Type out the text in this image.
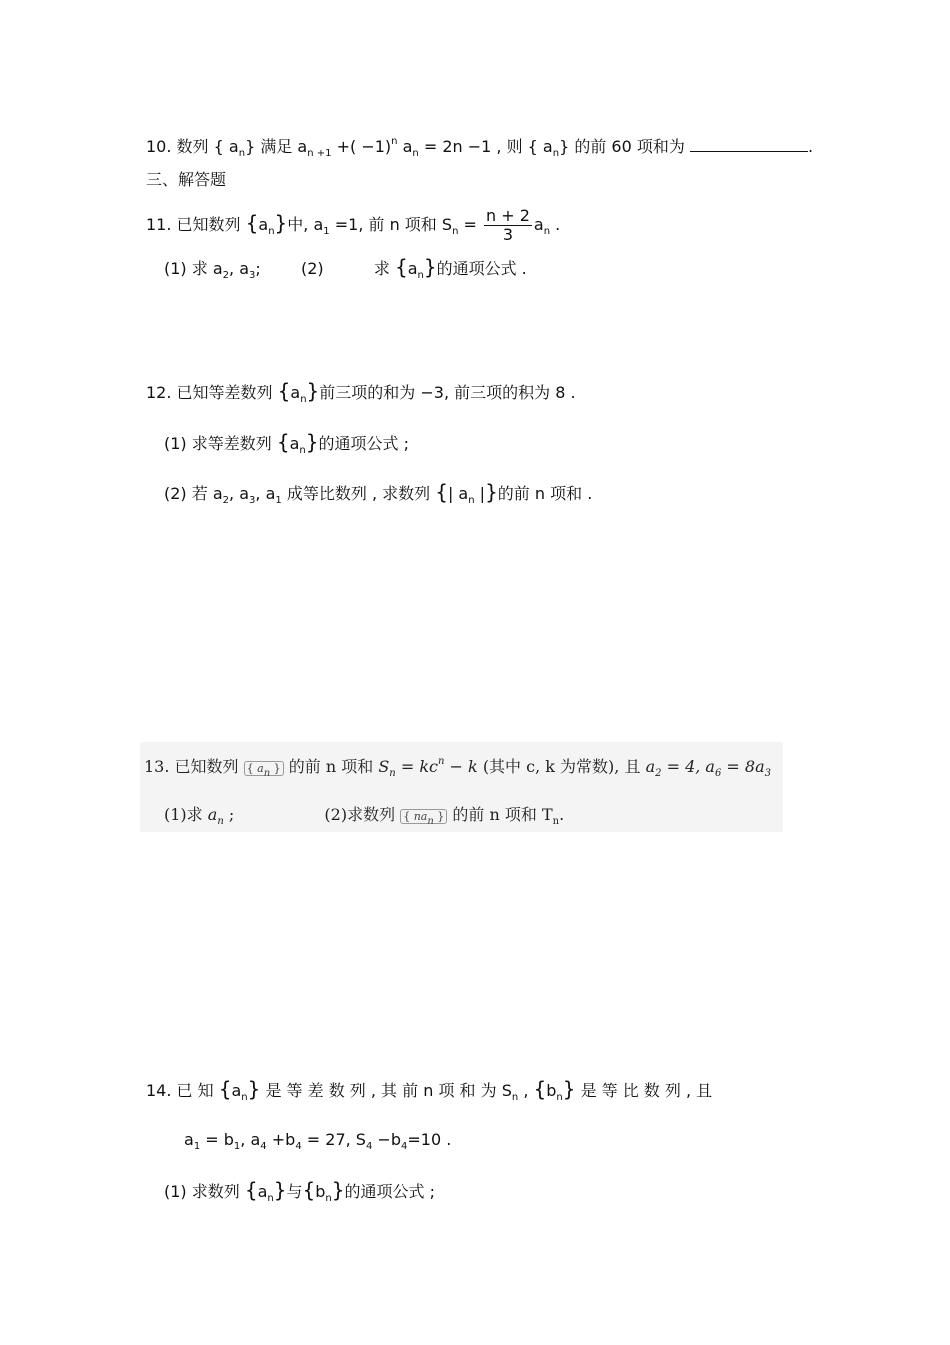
10. 数列 { $a_n$} 满足 $a_{n +1}$ +( −1)$^n$ $a_n = 2n -1$ , 则 { $a_n$} 的前 60 项和为	.
三、解答题
11. 已知数列 $\{a_n\}$中, $a_1 =1$, 前 n 项和 $S_n = \frac{n + 2}{3} a_n$ .
(1) 求 $a_2$, $a_3$;	(2)	求 $\{a_n\}$的通项公式 .
12. 已知等差数列 $\{a_n\}$前三项的和为 −3, 前三项的积为 8 .
(1) 求等差数列 $\{a_n\}$的通项公式 ;
(2) 若 $a_2$, $a_3$, $a_1$ 成等比数列 , 求数列 {| $a_n$ |}的前 n 项和 .
13. 已知数列 { an } 的前 n 项和 $S_n = kc^n - k$ (其中 c, k 为常数), 且 $a_2 = 4$, $a_6 = 8a_3$
(1)求 $a_n$ ;	(2)求数列 { nan } 的前 n 项和 $T_n$.
14. 已 知 $\{a_n\}$ 是 等 差 数 列 , 其 前 n 项 和 为 $S_n$ , $\{b_n\}$ 是 等 比 数 列 , 且
$a_1 = b_1$, $a_4 +b_4 = 27$, $S_4 -b_4=10$ .
(1) 求数列 $\{a_n\}$与$\{b_n\}$的通项公式 ;
